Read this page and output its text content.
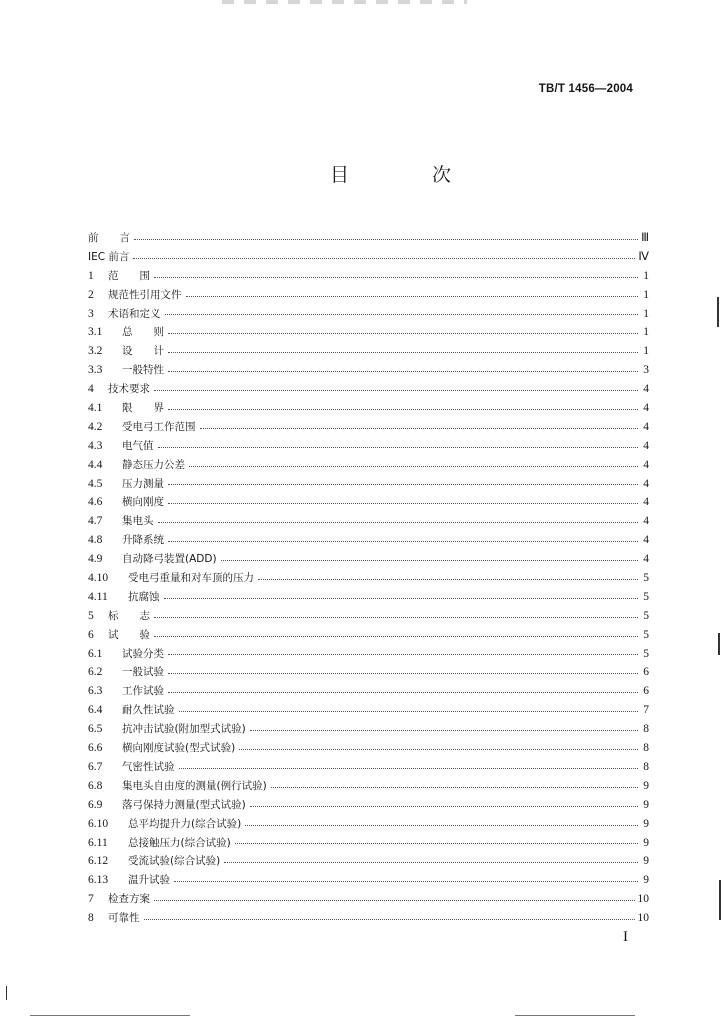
TB/T 1456—2004
目　次
前　　言	Ⅲ
IEC 前言	Ⅳ
1	范　　围	1
2	规范性引用文件	1
3	术语和定义	1
3.1	总　　则	1
3.2	设　　计	1
3.3	一般特性	3
4	技术要求	4
4.1	限　　界	4
4.2	受电弓工作范围	4
4.3	电气值	4
4.4	静态压力公差	4
4.5	压力测量	4
4.6	横向刚度	4
4.7	集电头	4
4.8	升降系统	4
4.9	自动降弓装置(ADD)	4
4.10	受电弓重量和对车顶的压力	5
4.11	抗腐蚀	5
5	标　　志	5
6	试　　验	5
6.1	试验分类	5
6.2	一般试验	6
6.3	工作试验	6
6.4	耐久性试验	7
6.5	抗冲击试验(附加型式试验)	8
6.6	横向刚度试验(型式试验)	8
6.7	气密性试验	8
6.8	集电头自由度的测量(例行试验)	9
6.9	落弓保持力测量(型式试验)	9
6.10	总平均提升力(综合试验)	9
6.11	总接触压力(综合试验)	9
6.12	受流试验(综合试验)	9
6.13	温升试验	9
7	检查方案	10
8	可靠性	10
I
